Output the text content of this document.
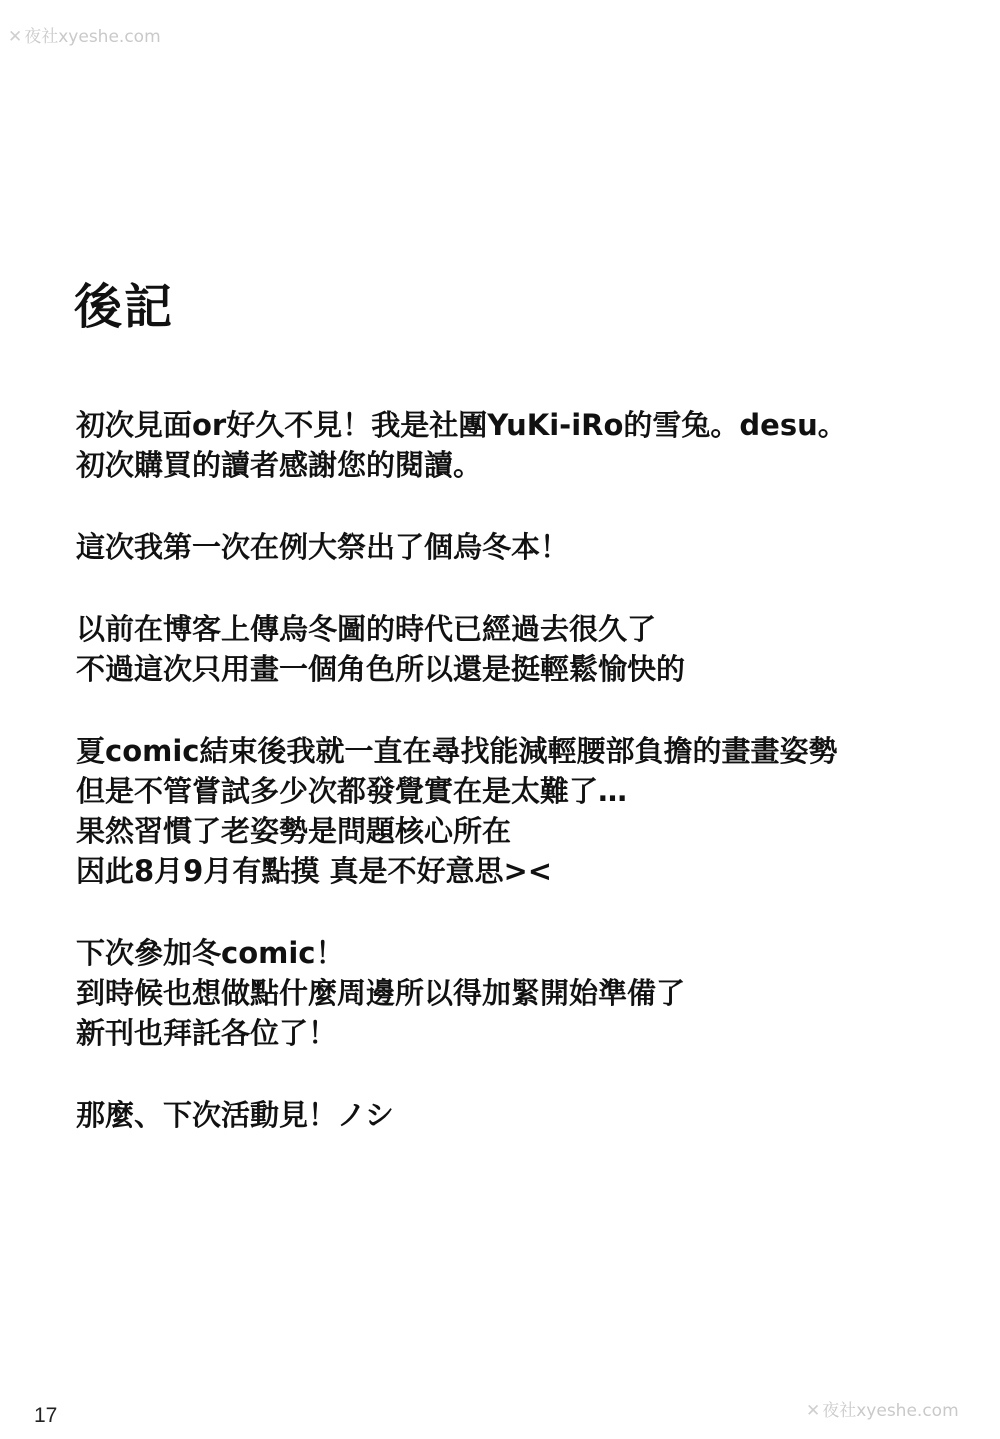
✕ 夜社xyeshe.com
後記
初次見面or好久不見！我是社團YuKi-iRo的雪兔。desu。
初次購買的讀者感謝您的閱讀。
這次我第一次在例大祭出了個烏冬本！
以前在博客上傳烏冬圖的時代已經過去很久了
不過這次只用畫一個角色所以還是挺輕鬆愉快的
夏comic結束後我就一直在尋找能減輕腰部負擔的畫畫姿勢
但是不管嘗試多少次都發覺實在是太難了…
果然習慣了老姿勢是問題核心所在
因此8月9月有點摸 真是不好意思><
下次參加冬comic！
到時候也想做點什麼周邊所以得加緊開始準備了
新刊也拜託各位了！
那麼、下次活動見！ノシ
17	✕ 夜社xyeshe.com
